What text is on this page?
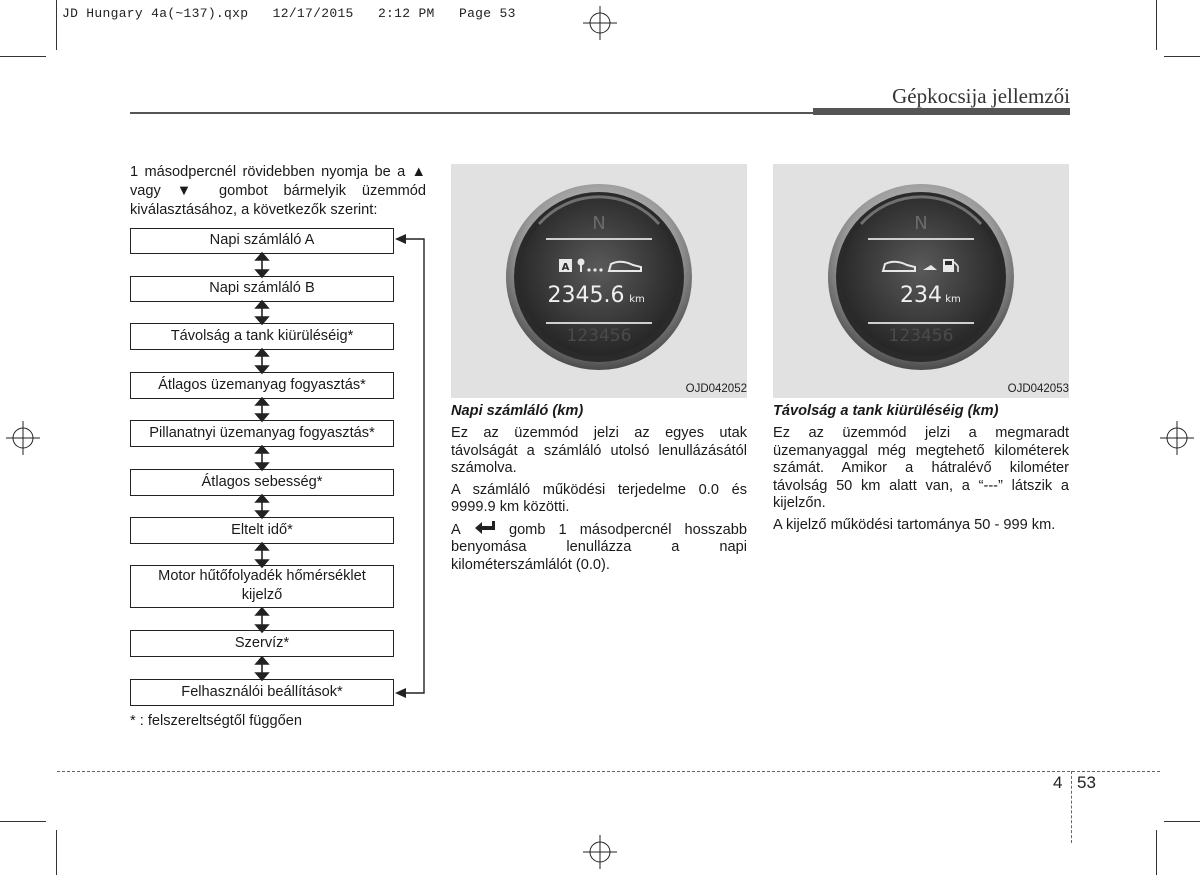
JD Hungary 4a(~137).qxp   12/17/2015   2:12 PM   Page 53
Gépkocsija jellemzői
1 másodpercnél rövidebben nyomja be a ▲ vagy ▼ gombot bármelyik üzemmód kiválasztásához, a következők szerint:
Napi számláló A
Napi számláló B
Távolság a tank kiürüléséig*
Átlagos üzemanyag fogyasztás*
Pillanatnyi üzemanyag fogyasztás*
Átlagos sebesség*
Eltelt idő*
Motor hűtőfolyadék hőmérséklet kijelző
Szervíz*
Felhasználói beállítások*
* : felszereltségtől függően
N
A
2345.6 km
123456
OJD042052
N
234 km
123456
OJD042053
Napi számláló (km)	Távolság a tank kiürüléséig (km)

Ez az üzemmód jelzi az egyes utak távolságát a számláló utolsó lenullázásától számolva.

A számláló működési terjedelme 0.0 és 9999.9 km közötti.

A	gomb 1 másodpercnél hosszabb benyomása lenullázza a napi kilométerszámlálót (0.0).

Ez az üzemmód jelzi a megmaradt üzemanyaggal még megtehető kilométerek számát. Amikor a hátralévő kilométer távolság 50 km alatt van, a “---” látszik a kijelzőn.

A kijelző működési tartománya 50 - 999 km.

4 53
